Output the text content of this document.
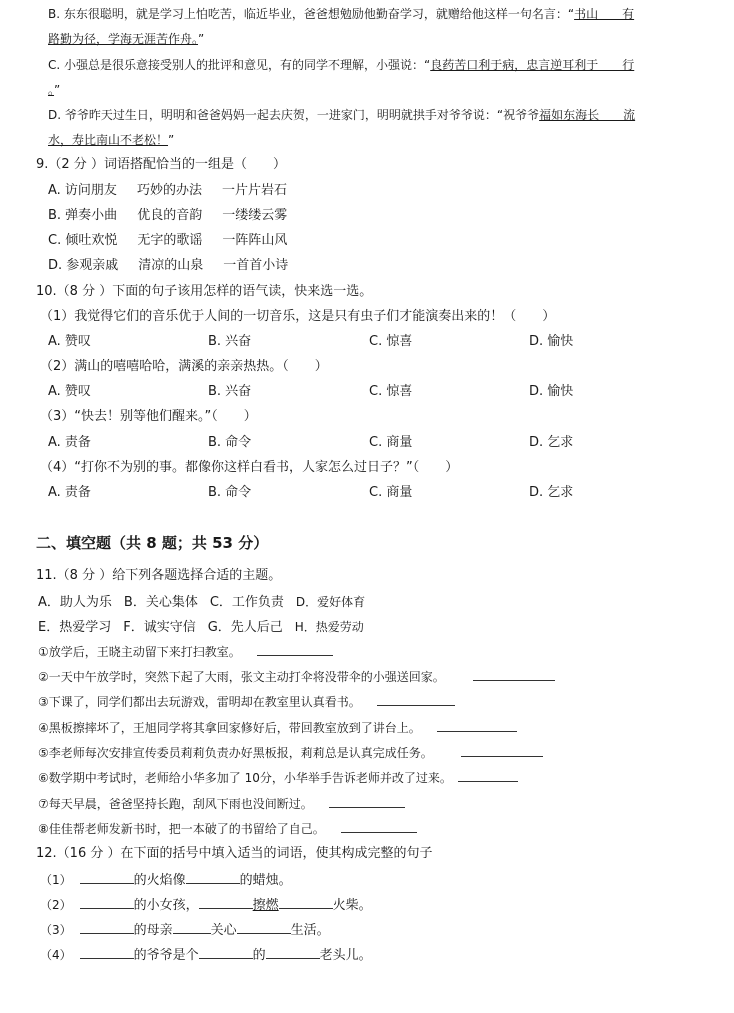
B. 东东很聪明，就是学习上怕吃苦，临近毕业，爸爸想勉励他勤奋学习，就赠给他这样一句名言：“书山　　有
路勤为径，学海无涯苦作舟。”
C. 小强总是很乐意接受别人的批评和意见，有的同学不理解，小强说：“良药苦口利于病，忠言逆耳利于　　行
。”
D. 爷爷昨天过生日，明明和爸爸妈妈一起去庆贺，一进家门，明明就拱手对爷爷说：“祝爷爷福如东海长　　流
水，寿比南山不老松！”
9.（2 分 ）词语搭配恰当的一组是（　　）
A. 访问朋友 巧妙的办法 一片片岩石
B. 弹奏小曲 优良的音韵 一缕缕云雾
C. 倾吐欢悦 无字的歌谣 一阵阵山风
D. 参观亲戚 清凉的山泉 一首首小诗
10.（8 分 ）下面的句子该用怎样的语气读，快来选一选。
（1）我觉得它们的音乐优于人间的一切音乐，这是只有虫子们才能演奏出来的！（　　）
A. 赞叹	B. 兴奋	C. 惊喜	D. 愉快
（2）满山的嘻嘻哈哈，满溪的亲亲热热。（　　）
A. 赞叹	B. 兴奋	C. 惊喜	D. 愉快
（3）“快去！别等他们醒来。”（　　）
A. 责备	B. 命令	C. 商量	D. 乞求
（4）“打你不为别的事。都像你这样白看书，人家怎么过日子？”（　　）
A. 责备	B. 命令	C. 商量	D. 乞求
二、填空题（共 8 题；共 53 分）
11.（8 分 ）给下列各题选择合适的主题。
A．助人为乐 B．关心集体 C．工作负责 D．爱好体育
E．热爱学习 F．诚实守信 G．先人后己 H．热爱劳动
①放学后，王晓主动留下来打扫教室。
②一天中午放学时，突然下起了大雨，张文主动打伞将没带伞的小强送回家。
③下课了，同学们都出去玩游戏，雷明却在教室里认真看书。
④黑板擦摔坏了，王旭同学将其拿回家修好后，带回教室放到了讲台上。
⑤李老师每次安排宣传委员莉莉负责办好黑板报，莉莉总是认真完成任务。
⑥数学期中考试时，老师给小华多加了 10分，小华举手告诉老师并改了过来。
⑦每天早晨，爸爸坚持长跑，刮风下雨也没间断过。
⑧佳佳帮老师发新书时，把一本破了的书留给了自己。
12.（16 分 ）在下面的括号中填入适当的词语，使其构成完整的句子
（1）	的火焰像	的蜡烛。
（2）	的小女孩，	擦燃	火柴。
（3）	的母亲	关心	生活。
（4）	的爷爷是个	的	老头儿。
